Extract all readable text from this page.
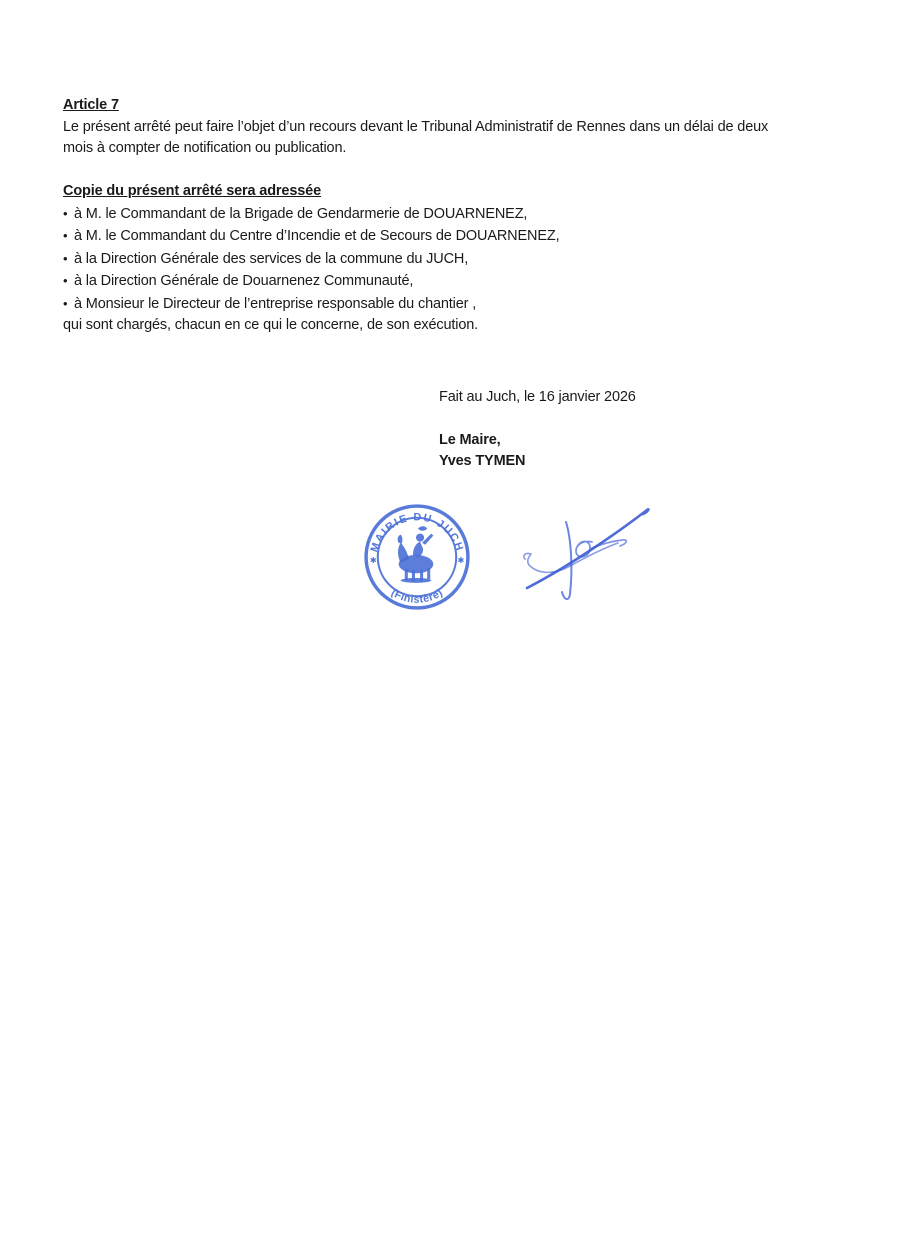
Article 7
Le présent arrêté peut faire l’objet d’un recours devant le Tribunal Administratif de Rennes dans un délai de deux
mois à compter de notification ou publication.
Copie du présent arrêté sera adressée
• à M. le Commandant de la Brigade de Gendarmerie de DOUARNENEZ,
• à M. le Commandant du Centre d’Incendie et de Secours de DOUARNENEZ,
• à la Direction Générale des services de la commune du JUCH,
• à la Direction Générale de Douarnenez Communauté,
• à Monsieur le Directeur de l’entreprise responsable du chantier ,
qui sont chargés, chacun en ce qui le concerne, de son exécution.
Fait au Juch, le 16 janvier 2026
Le Maire,
Yves TYMEN
MAIRIE DU JUCH
(Finistère)
✱	✱
